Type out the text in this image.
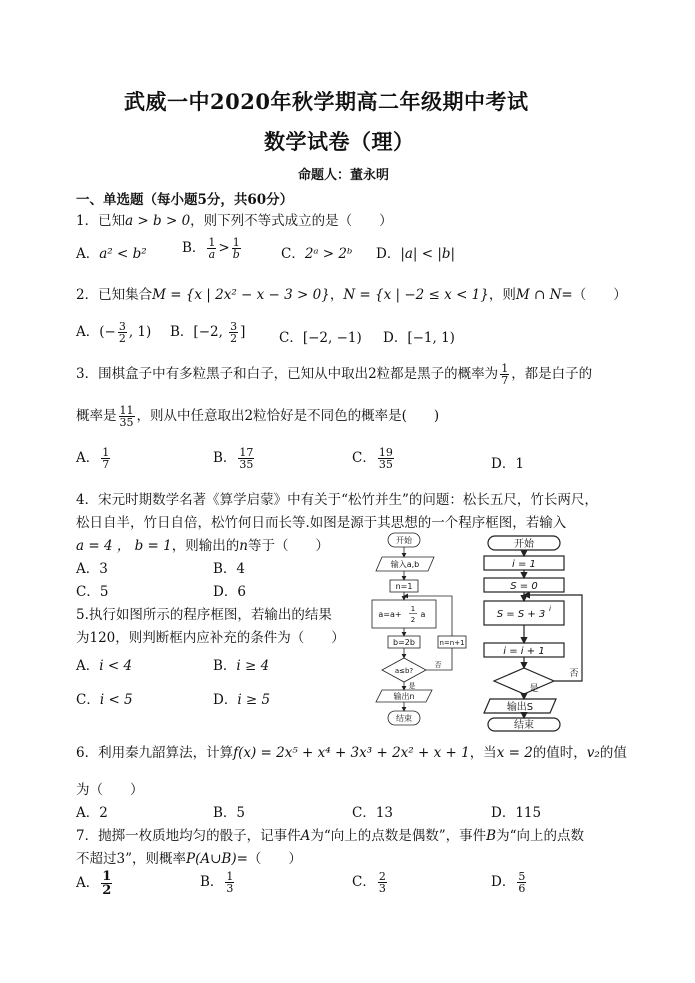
武威一中2020年秋学期高二年级期中考试
数学试卷（理）
命题人：董永明
一、单选题（每小题5分，共60分）
1．已知a > b > 0，则下列不等式成立的是（　　）
A．a² < b²	B． $\frac{1}{a} > \frac{1}{b}$	C．2ᵃ > 2ᵇ D．|a| < |b|
2．已知集合M = {x | 2x² − x − 3 > 0}，N = {x | −2 ≤ x < 1}，则M ∩ N=（　　）
A．(− $\frac{3}{2}$ , 1) B．[−2, $\frac{3}{2}$ ] C．[−2, −1) D．[−1, 1)
3．围棋盒子中有多粒黑子和白子，已知从中取出2粒都是黑子的概率为 $\frac{1}{7}$ ，都是白子的
概率是 $\frac{11}{35}$ ，则从中任意取出2粒恰好是不同色的概率是(　　)
A． $\frac{1}{7}$	B． $\frac{17}{35}$	C． $\frac{19}{35}$	D．1
4．宋元时期数学名著《算学启蒙》中有关于“松竹并生”的问题：松长五尺，竹长两尺，
松日自半，竹日自倍，松竹何日而长等.如图是源于其思想的一个程序框图，若输入
a = 4 ， b = 1，则输出的n等于（　　）
A．3	B．4
C．5	D．6
5.执行如图所示的程序框图，若输出的结果
为120，则判断框内应补充的条件为（　　）
A．i < 4	B．i ≥ 4
C．i < 5	D．i ≥ 5
开始
输入a,b
n=1
a=a+
1
2
a
b=2b	n=n+1
a≤b?
是
否
输出n
结束
开始
i = 1
S = 0
S = S + 3 i
i = i + 1
是
否
输出S
结束
6．利用秦九韶算法，计算f(x) = 2x⁵ + x⁴ + 3x³ + 2x² + x + 1，当x = 2的值时，v₂的值
为（　　）
A．2	B．5	C．13	D．115
7．抛掷一枚质地均匀的骰子，记事件A为“向上的点数是偶数”，事件B为“向上的点数
不超过3”，则概率P(A∪B)=（　　）
A． $\frac{1}{2}$	B． $\frac{1}{3}$	C． $\frac{2}{3}$	D． $\frac{5}{6}$
